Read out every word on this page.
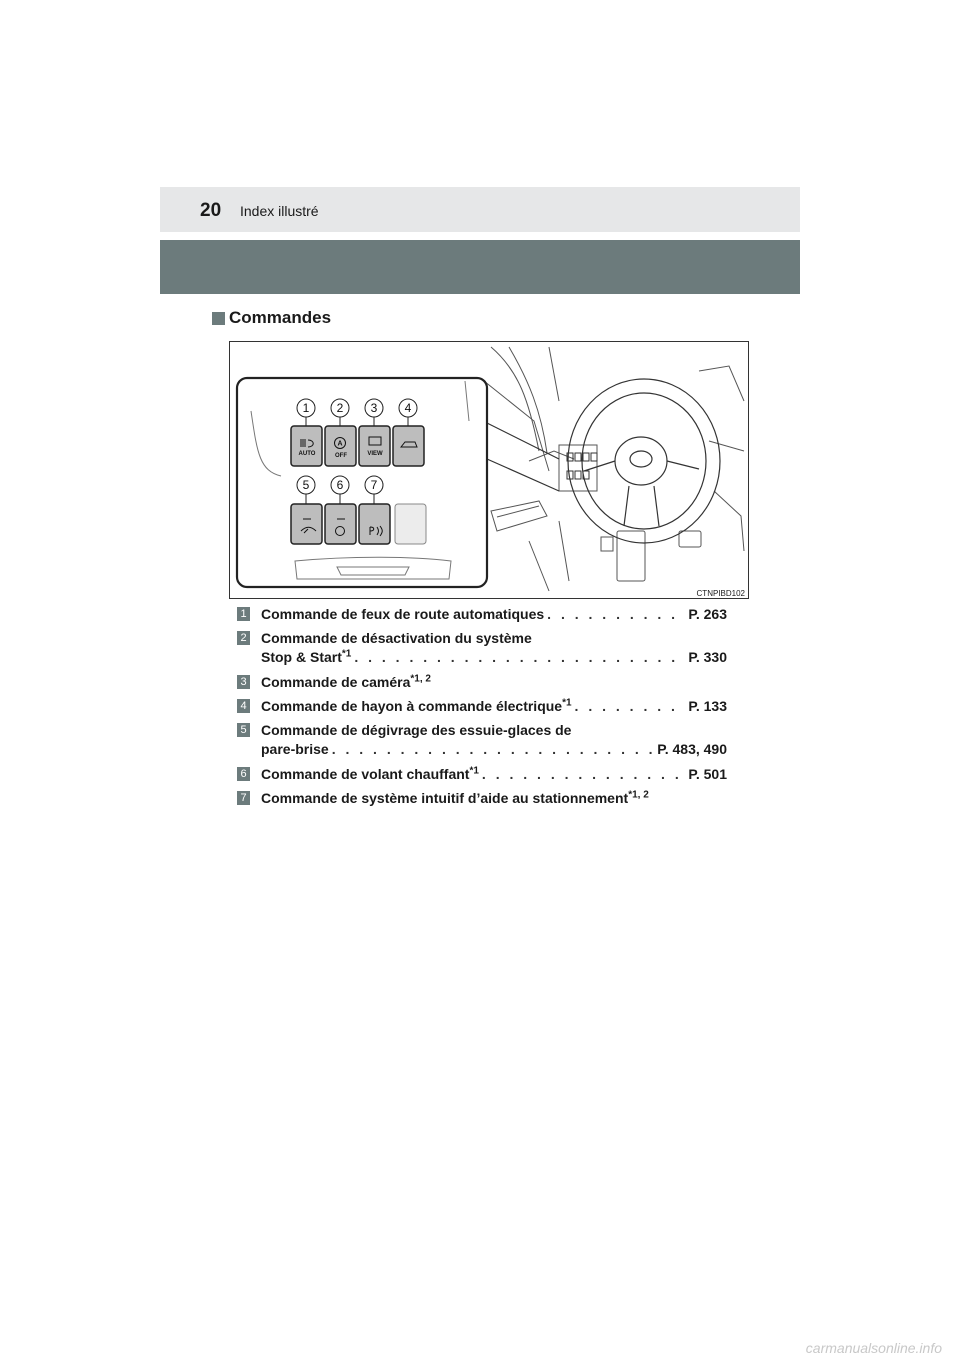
20 Index illustré
Commandes
AUTO
A
OFF	VIEW
1 2 3 4
5 6 7
CTNPIBD102
1 Commande de feux de route automatiques . . .	P. 263
2 Commande de désactivation du système
Stop & Start$^{*1}$ . . .	P. 330
3 Commande de caméra$^{*1, 2}$
4 Commande de hayon à commande électrique$^{*1}$ . . .	P. 133
5 Commande de dégivrage des essuie-glaces de
pare-brise . . .	P. 483, 490
6 Commande de volant chauffant$^{*1}$ . . .	P. 501
7 Commande de système intuitif d’aide au stationnement$^{*1, 2}$
carmanualsonline.info
